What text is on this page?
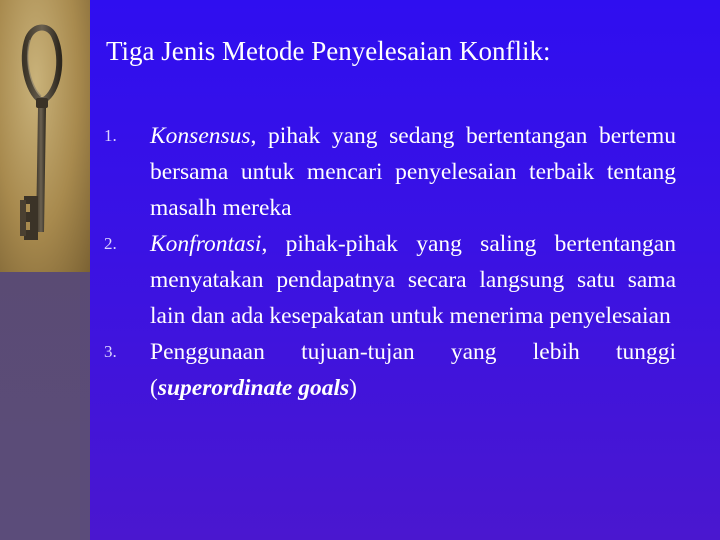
Tiga Jenis Metode Penyelesaian Konflik:
1. Konsensus, pihak yang sedang bertentangan bertemu bersama untuk mencari penyelesaian terbaik tentang masalh mereka
2. Konfrontasi, pihak-pihak yang saling bertentangan menyatakan pendapatnya secara langsung satu sama lain dan ada kesepakatan untuk menerima penyelesaian
3. Penggunaan tujuan-tujan yang lebih tunggi (superordinate goals)
